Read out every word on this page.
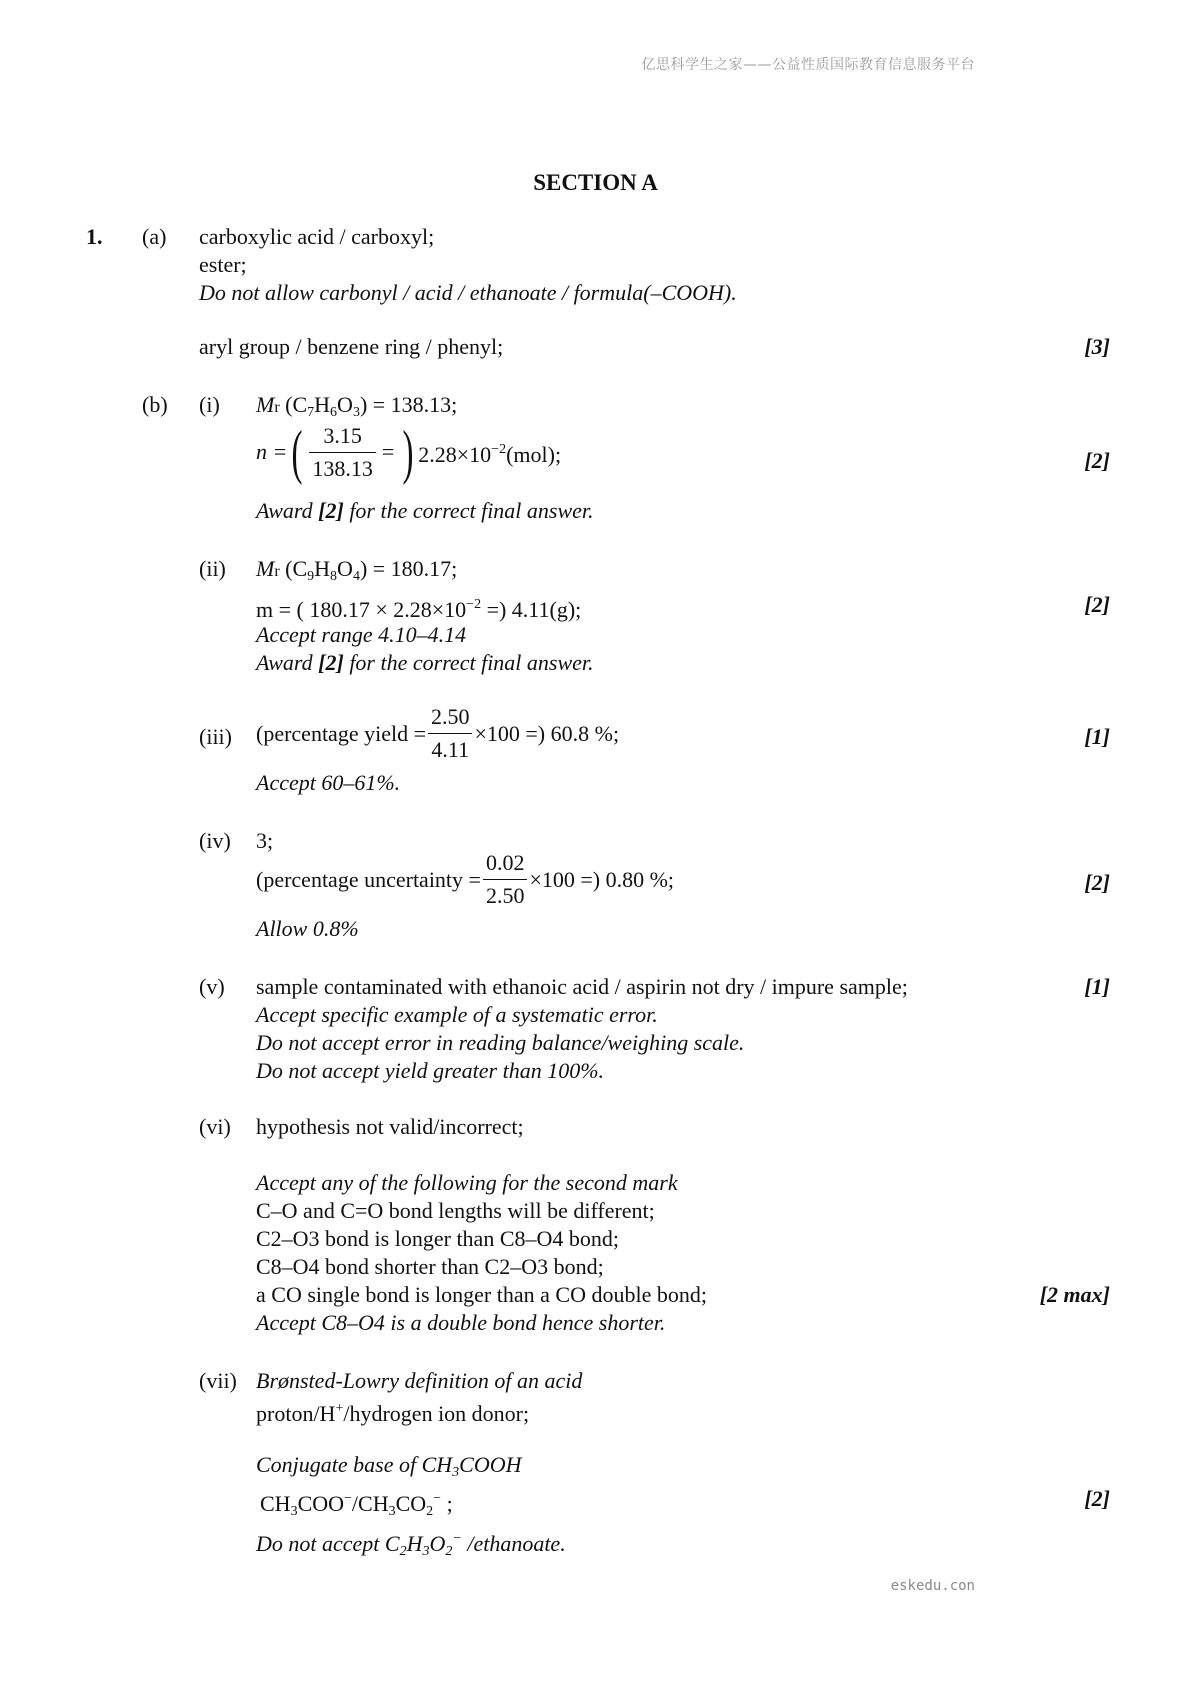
亿思科学生之家——公益性质国际教育信息服务平台
SECTION A
1. (a) carboxylic acid / carboxyl;
ester;
Do not allow carbonyl / acid / ethanoate / formula(–COOH).
aryl group / benzene ring / phenyl;	[3]
(b) (i) Mr $(C_7H_6O_3) = 138.13$;
n = ( $\frac{3.15}{138.13}$ = ) $2.28\times 10^{-2}(mol)$;	[2]
Award [2] for the correct final answer.
(ii) Mr $(C_9H_8O_4) = 180.17$;
m = ( $180.17 \times 2.28\times 10^{-2}$ =) 4.11(g);	[2]
Accept range 4.10–4.14
Award [2] for the correct final answer.
(iii) (percentage yield = $\frac{2.50}{4.11} \times 100$ =) 60.8 %;	[1]
Accept 60–61%.
(iv) 3;
(percentage uncertainty = $\frac{0.02}{2.50} \times 100$ =) 0.80 %;	[2]
Allow 0.8%
(v) sample contaminated with ethanoic acid / aspirin not dry / impure sample;	[1]
Accept specific example of a systematic error.
Do not accept error in reading balance/weighing scale.
Do not accept yield greater than 100%.
(vi) hypothesis not valid/incorrect;
Accept any of the following for the second mark
C–O and C=O bond lengths will be different;
C2–O3 bond is longer than C8–O4 bond;
C8–O4 bond shorter than C2–O3 bond;
a CO single bond is longer than a CO double bond;	[2 max]
Accept C8–O4 is a double bond hence shorter.
(vii) Brønsted-Lowry definition of an acid
proton/H+/hydrogen ion donor;
Conjugate base of $CH_3COOH$
$CH_3COO^-/CH_3CO_2^-$ ;	[2]
Do not accept $C_2H_3O_2^-$ /ethanoate.
eskedu.con
